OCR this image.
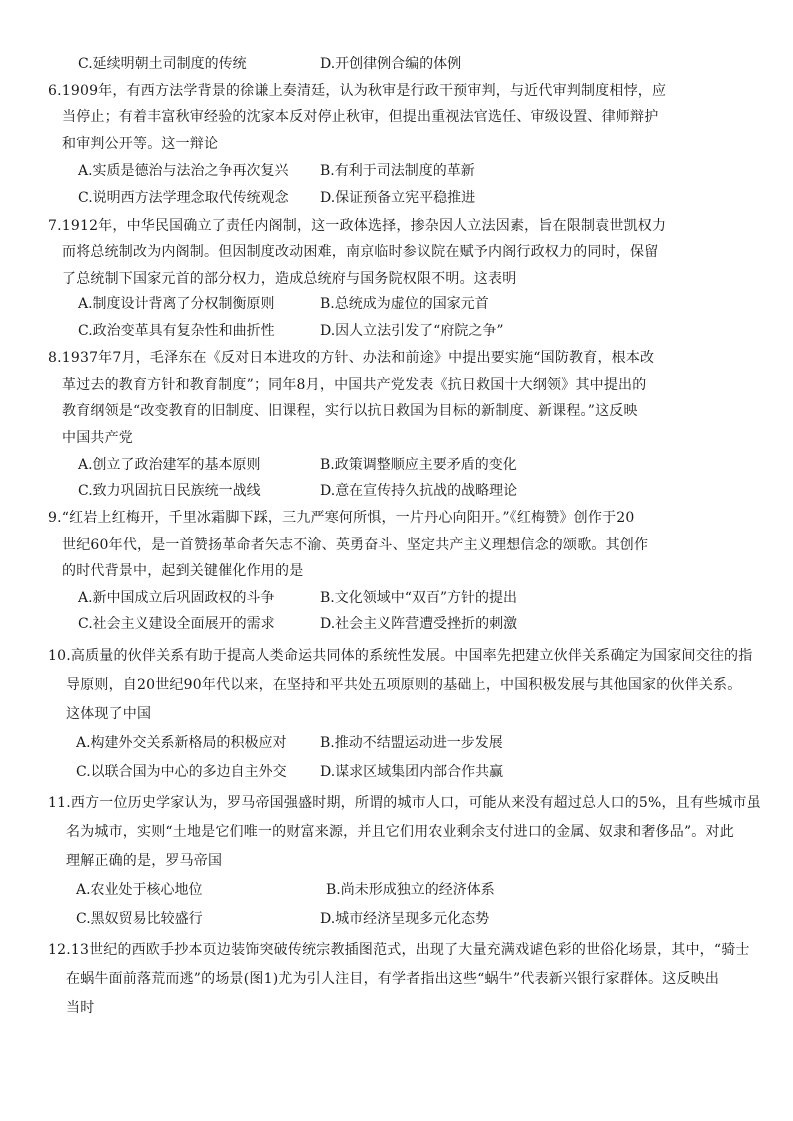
C.延续明朝土司制度的传统	D.开创律例合编的体例
6.1909年，有西方法学背景的徐谦上奏清廷，认为秋审是行政干预审判，与近代审判制度相悖，应
当停止；有着丰富秋审经验的沈家本反对停止秋审，但提出重视法官选任、审级设置、律师辩护
和审判公开等。这一辩论
A.实质是德治与法治之争再次复兴 B.有利于司法制度的革新
C.说明西方法学理念取代传统观念 D.保证预备立宪平稳推进
7.1912年，中华民国确立了责任内阁制，这一政体选择，掺杂因人立法因素，旨在限制袁世凯权力
而将总统制改为内阁制。但因制度改动困难，南京临时参议院在赋予内阁行政权力的同时，保留
了总统制下国家元首的部分权力，造成总统府与国务院权限不明。这表明
A.制度设计背离了分权制衡原则	B.总统成为虚位的国家元首
C.政治变革具有复杂性和曲折性	D.因人立法引发了“府院之争”
8.1937年7月，毛泽东在《反对日本进攻的方针、办法和前途》中提出要实施“国防教育，根本改
革过去的教育方针和教育制度”；同年8月，中国共产党发表《抗日救国十大纲领》其中提出的
教育纲领是“改变教育的旧制度、旧课程，实行以抗日救国为目标的新制度、新课程。”这反映
中国共产党
A.创立了政治建军的基本原则	B.政策调整顺应主要矛盾的变化
C.致力巩固抗日民族统一战线	D.意在宣传持久抗战的战略理论
9.“红岩上红梅开，千里冰霜脚下踩，三九严寒何所惧，一片丹心向阳开。”《红梅赞》创作于20
世纪60年代，是一首赞扬革命者矢志不渝、英勇奋斗、坚定共产主义理想信念的颂歌。其创作
的时代背景中，起到关键催化作用的是
A.新中国成立后巩固政权的斗争	B.文化领域中“双百”方针的提出
C.社会主义建设全面展开的需求	D.社会主义阵营遭受挫折的刺激
10.高质量的伙伴关系有助于提高人类命运共同体的系统性发展。中国率先把建立伙伴关系确定为国家间交往的指
导原则，自20世纪90年代以来，在坚持和平共处五项原则的基础上，中国积极发展与其他国家的伙伴关系。
这体现了中国
A.构建外交关系新格局的积极应对 B.推动不结盟运动进一步发展
C.以联合国为中心的多边自主外交 D.谋求区域集团内部合作共赢
11.西方一位历史学家认为，罗马帝国强盛时期，所谓的城市人口，可能从来没有超过总人口的5%，且有些城市虽
名为城市，实则“土地是它们唯一的财富来源，并且它们用农业剩余支付进口的金属、奴隶和奢侈品”。对此
理解正确的是，罗马帝国
A.农业处于核心地位	B.尚未形成独立的经济体系
C.黑奴贸易比较盛行	D.城市经济呈现多元化态势
12.13世纪的西欧手抄本页边装饰突破传统宗教插图范式，出现了大量充满戏谑色彩的世俗化场景，其中，“骑士
在蜗牛面前落荒而逃”的场景(图1)尤为引人注目，有学者指出这些“蜗牛”代表新兴银行家群体。这反映出
当时
